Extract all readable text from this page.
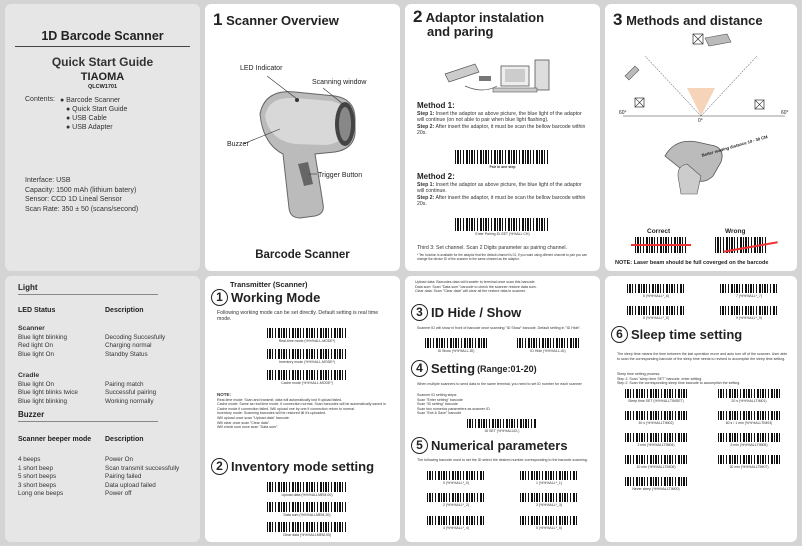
1D Barcode Scanner
Quick Start Guide
TIAOMA
QLCW1701
Contents: ● Barcode Scanner
● Quick Start Guide
● USB Cable
● USB Adapter
Interface: USB
Capacity: 1500 mAh (lithium batery)
Sensor: CCD 1D Lineal Sensor
Scan Rate: 350 ± 50 (scans/second)
Light
LED Status	Description
Scanner
Blue light blinking	Decoding Succesfully
Red light On	Charging normal
Blue light On	Standby Status
Cradle
Blue light On	Pairing match
Blue light blinks twice	Successful pairing
Blue light blinking	Working normally
Buzzer
Scanner beeper mode Description
4 beeps	Power On
1 short beep	Scan transmit successfully
5 short beeps	Pairing failed
3 short beeps	Data upload failed
Long one beeps	Power off
1 Scanner Overview
LED Indicator
Scanning window
Buzzer
Trigger Button
Barcode Scanner
2 Adaptor instalation
and paring
Method 1:
Step 1: Insert the adaptor as above picture, the blue light of the adaptor will continue (on not able to pair when blue light flashing).
Step 2: After insert the adaptor, it must be scan the bellow barcode within 20s.
Pair in one step
Method 2:
Step 1: Insert the adaptor as above picture, the blue light of the adaptor will continue.
Step 2: After insert the adaptor, it must be scan the bellow barcode within 20s.
Enter Pairing ID-SET (%%ALL CH)
Third 3: Set channel. Scan 2 Digits parameter as pairing channel.
* Ten function is available for the adaptor that the default channel is 01, if you want using diferent channel to pair you can change the device ID of the scanner to the same channel as the adaptor.
3 Methods and distance
60°
0°
60°
Better reading distance 10 - 30 CM
Correct	Wrong
NOTE: Laser beam should be full coverged on the barcode
Transmitter (Scanner)
1 Working Mode
Following working mode can be set directly. Default setting is real time mode.
Real-time mode (%%%ALL-MODE*)
Inventory mode (%%%ALL-MODE*)
Cache mode (%%%ALL-MODE*)
NOTE:
Real-time mode: Scan and transmit, data will automatically lost if upload failed.
Cache mode: Same as real time mode, if connection normal. Scan barcodes will be automatically saved in Cache mode if connection failed. Will upload one by one if connection return to normal.
Inventory mode: Scanning barcodes will be restored till it's uploaded.
Will upload once scan "Upload data" barcode.
Will clear once scan "Clear data".
Will check sum once scan "Data sum".
2 Inventory mode setting
Upload data (%%%ALLMEM-00)
Data sum (%%%ALLMEM-20)
Clear data (%%%ALLMEM-00)
Upload data: Barcodes data will transfer to terminal once scan this barcode.
Data sum: Scan "Data sum" barcode to check the scanner restore data sum.
Clear data: Scan "Clear data" will clear all the restore data in scanner.
3 ID Hide / Show
Scanner ID will show in front of barcode once scanning "ID Show" barcode. Default setting in "ID Hide".
ID Show (%%%ALL-ID)	ID Hide (%%%ALL-ID)
4 Setting (Range:01-20)
When multiple scanners to send data to the same terminal, you need to set ID number for each scanner
Scanner ID setting steps:
Scan "Enter setting" barcode
Scan "ID setting" barcode
Scan two numerics parameters as scanner ID
Scan "Exit & Save" barcode
ID SET (%%%ALLID-)
5 Numerical parameters
The following barcode used to set the ID select the desired number corresponding to the barcode scanning.
0 (%%%ALL*_0)	1 (%%%ALL*_1)
2 (%%%ALL*_2)	3 (%%%ALL*_3)
4 (%%%ALL*_4)	5 (%%%ALL*_5)
6 (%%%ALL*_6)	7 (%%%ALL*_7)
8 (%%%ALL*_8)	9 (%%%ALL*_9)
6 Sleep time setting
The sleep time means the time between the last operation move and auto turn off of the scanner. User able to scan the corresponding barcode of the sleep time needs to revised to accompish the sleep time setting.
Sleep time setting process:
Step 1: Scan "sleep time SET" barcode, enter setting.
Step 2: Scan the corresponding sleep time barcode to accomplish the setting.
Sleep time SET (%%%ALLTIMSET)	20 s (%%%ALLTIM01)
30 s (%%%ALLTIM02)	60 s / 1 min (%%%ALLTIM03)
2 min (%%%ALLTIM04)	5 min (%%%ALLTIM05)
10 min (%%%ALLTIM06)	30 min (%%%ALLTIM07)
Never sleep (%%%ALLTIM00)
